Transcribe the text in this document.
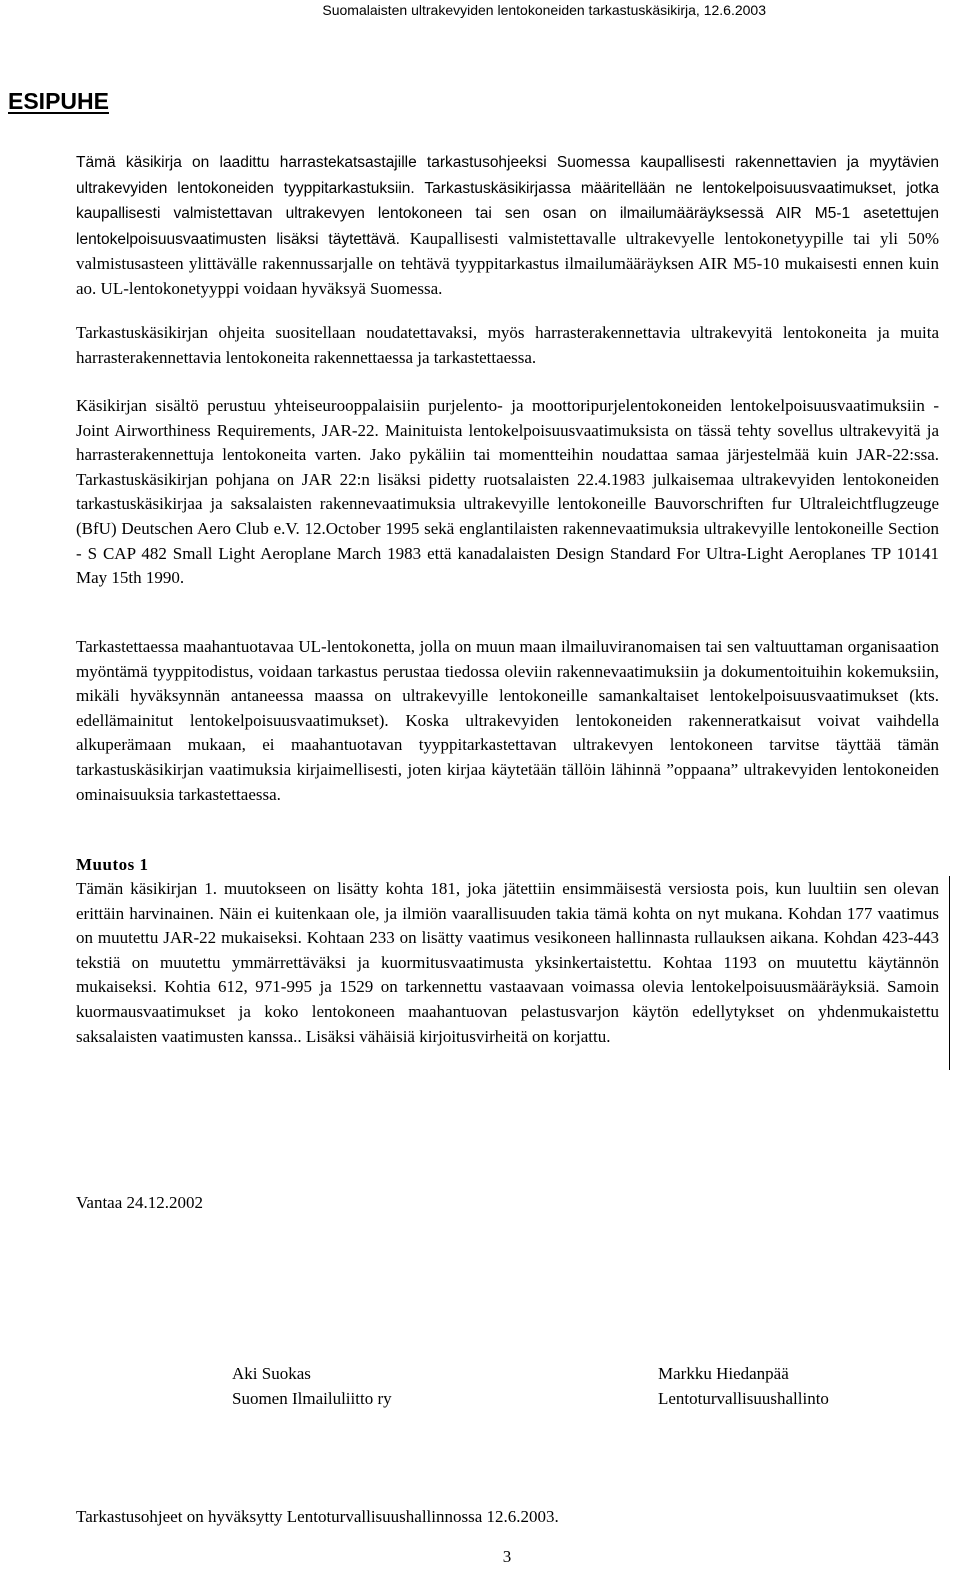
Suomalaisten ultrakevyiden lentokoneiden tarkastuskäsikirja, 12.6.2003
ESIPUHE

Tämä käsikirja on laadittu harrastekatsastajille tarkastusohjeeksi Suomessa kaupallisesti rakennettavien ja myytävien ultrakevyiden lentokoneiden tyyppitarkastuksiin. Tarkastuskäsikirjassa määritellään ne lentokelpoisuusvaatimukset, jotka kaupallisesti valmistettavan ultrakevyen lentokoneen tai sen osan on ilmailumääräyksessä AIR M5-1 asetettujen lentokelpoisuusvaatimusten lisäksi täytettävä. Kaupallisesti valmistettavalle ultrakevyelle lentokonetyypille tai yli 50% valmistusasteen ylittävälle rakennussarjalle on tehtävä tyyppitarkastus ilmailumääräyksen AIR M5-10 mukaisesti ennen kuin ao. UL-lentokonetyyppi voidaan hyväksyä Suomessa.

Tarkastuskäsikirjan ohjeita suositellaan noudatettavaksi, myös harrasterakennettavia ultrakevyitä lentokoneita ja muita harrasterakennettavia lentokoneita rakennettaessa ja tarkastettaessa.

Käsikirjan sisältö perustuu yhteiseurooppalaisiin purjelento- ja moottoripurjelentokoneiden lentokelpoisuusvaatimuksiin - Joint Airworthiness Requirements, JAR-22. Mainituista lentokelpoisuusvaatimuksista on tässä tehty sovellus ultrakevyitä ja harrasterakennettuja lentokoneita varten. Jako pykäliin tai momentteihin noudattaa samaa järjestelmää kuin JAR-22:ssa. Tarkastuskäsikirjan pohjana on JAR 22:n lisäksi pidetty ruotsalaisten 22.4.1983 julkaisemaa ultrakevyiden lentokoneiden tarkastuskäsikirjaa ja saksalaisten rakennevaatimuksia ultrakevyille lentokoneille Bauvorschriften fur Ultraleichtflugzeuge (BfU) Deutschen Aero Club e.V. 12.October 1995 sekä englantilaisten rakennevaatimuksia ultrakevyille lentokoneille Section - S CAP 482 Small Light Aeroplane March 1983 että kanadalaisten Design Standard For Ultra-Light Aeroplanes TP 10141 May 15th 1990.

Tarkastettaessa maahantuotavaa UL-lentokonetta, jolla on muun maan ilmailuviranomaisen tai sen valtuuttaman organisaation myöntämä tyyppitodistus, voidaan tarkastus perustaa tiedossa oleviin rakennevaatimuksiin ja dokumentoituihin kokemuksiin, mikäli hyväksynnän antaneessa maassa on ultrakevyille lentokoneille samankaltaiset lentokelpoisuusvaatimukset (kts. edellämainitut lentokelpoisuusvaatimukset). Koska ultrakevyiden lentokoneiden rakenneratkaisut voivat vaihdella alkuperämaan mukaan, ei maahantuotavan tyyppitarkastettavan ultrakevyen lentokoneen tarvitse täyttää tämän tarkastuskäsikirjan vaatimuksia kirjaimellisesti, joten kirjaa käytetään tällöin lähinnä ”oppaana” ultrakevyiden lentokoneiden ominaisuuksia tarkastettaessa.

Muutos 1

Tämän käsikirjan 1. muutokseen on lisätty kohta 181, joka jätettiin ensimmäisestä versiosta pois, kun luultiin sen olevan erittäin harvinainen. Näin ei kuitenkaan ole, ja ilmiön vaarallisuuden takia tämä kohta on nyt mukana. Kohdan 177 vaatimus on muutettu JAR-22 mukaiseksi. Kohtaan 233 on lisätty vaatimus vesikoneen hallinnasta rullauksen aikana. Kohdan 423-443 tekstiä on muutettu ymmärrettäväksi ja kuormitusvaatimusta yksinkertaistettu. Kohtaa 1193 on muutettu käytännön mukaiseksi. Kohtia 612, 971-995 ja 1529 on tarkennettu vastaavaan voimassa olevia lentokelpoisuusmääräyksiä. Samoin kuormausvaatimukset ja koko lentokoneen maahantuovan pelastusvarjon käytön edellytykset on yhdenmukaistettu saksalaisten vaatimusten kanssa.. Lisäksi vähäisiä kirjoitusvirheitä on korjattu.

Vantaa 24.12.2002
Aki Suokas
Suomen Ilmailuliitto ry
Markku Hiedanpää
Lentoturvallisuushallinto
Tarkastusohjeet on hyväksytty Lentoturvallisuushallinnossa 12.6.2003.
3
